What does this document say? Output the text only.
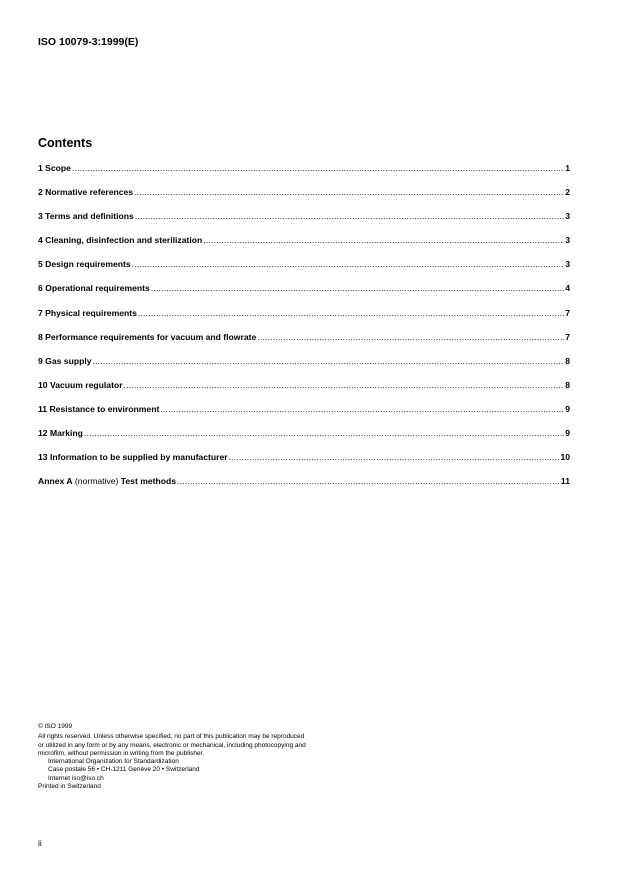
ISO 10079-3:1999(E)
Contents
1 Scope .....	1
2 Normative references .....	2
3 Terms and definitions .....	3
4 Cleaning, disinfection and sterilization .....	3
5 Design requirements .....	3
6 Operational requirements .....	4
7 Physical requirements .....	7
8 Performance requirements for vacuum and flowrate .....	7
9 Gas supply .....	8
10 Vacuum regulator .....	8
11 Resistance to environment .....	9
12 Marking .....	9
13 Information to be supplied by manufacturer .....	10
Annex A (normative) Test methods .....	11
© ISO 1999
All rights reserved. Unless otherwise specified, no part of this publication may be reproduced
or utilized in any form or by any means, electronic or mechanical, including photocopying and
microfilm, without permission in writing from the publisher.
International Organization for Standardization
Case postale 56 • CH-1211 Genève 20 • Switzerland
Internet iso@iso.ch
Printed in Switzerland
ii
